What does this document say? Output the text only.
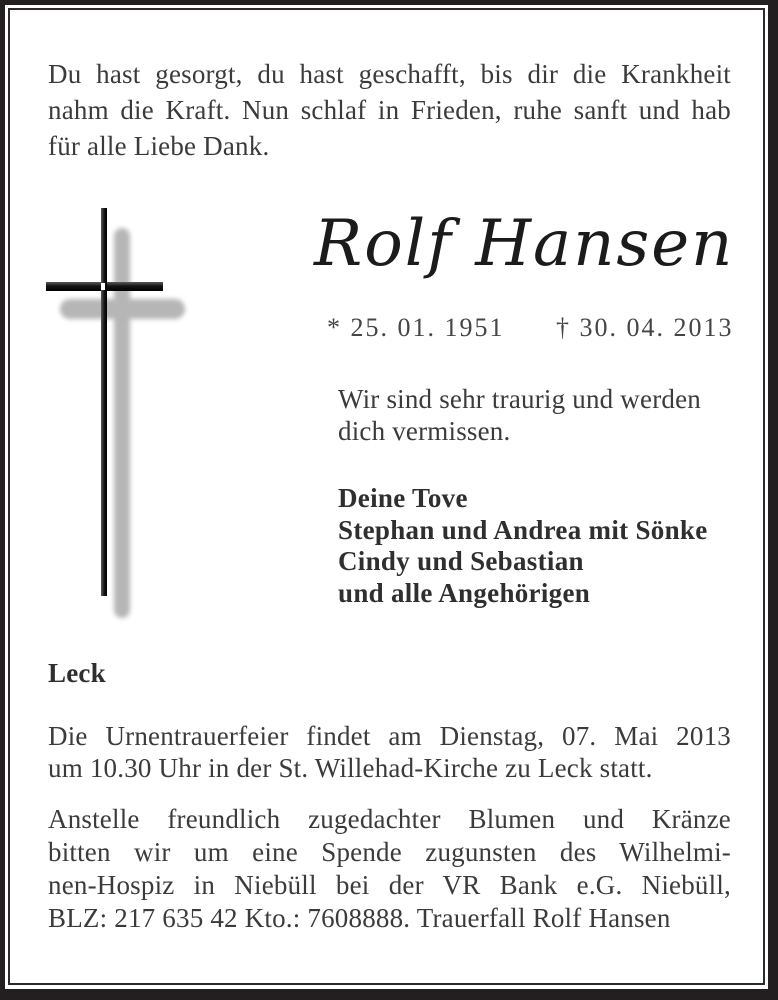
Du hast gesorgt, du hast geschafft, bis dir die Krankheit
nahm die Kraft. Nun schlaf in Frieden, ruhe sanft und hab
für alle Liebe Dank.
Rolf Hansen
* 25. 01. 1951 † 30. 04. 2013
Wir sind sehr traurig und werden
dich vermissen.
Deine Tove
Stephan und Andrea mit Sönke
Cindy und Sebastian
und alle Angehörigen
Leck
Die Urnentrauerfeier findet am Dienstag, 07. Mai 2013
um 10.30 Uhr in der St. Willehad-Kirche zu Leck statt.
Anstelle freundlich zugedachter Blumen und Kränze
bitten wir um eine Spende zugunsten des Wilhelmi-
nen-Hospiz in Niebüll bei der VR Bank e.G. Niebüll,
BLZ: 217 635 42 Kto.: 7608888. Trauerfall Rolf Hansen
